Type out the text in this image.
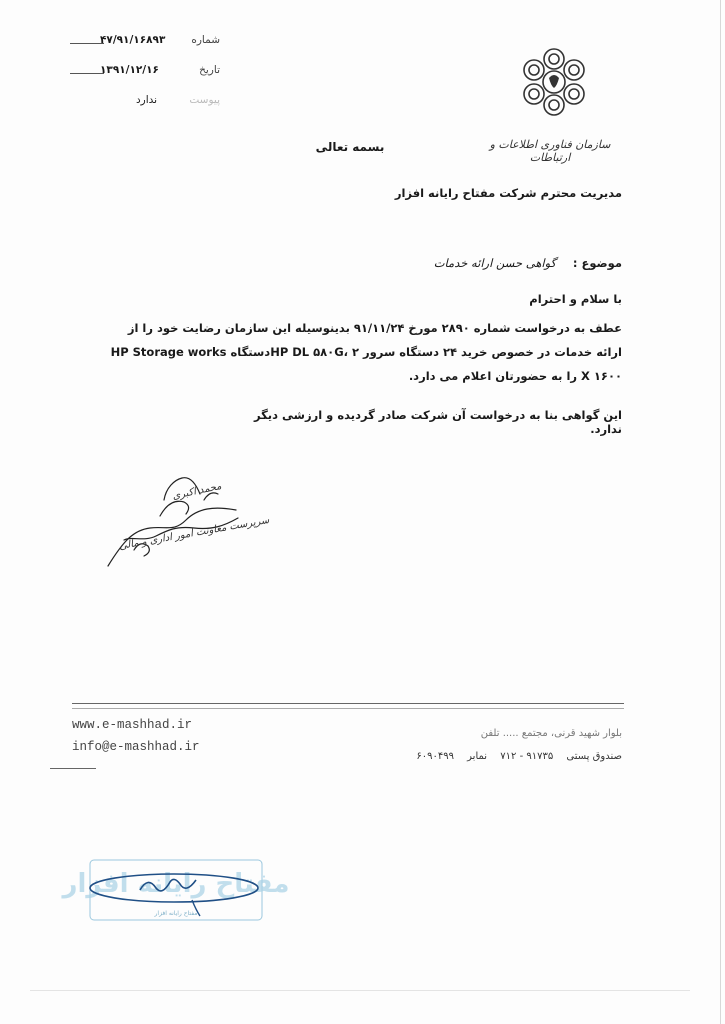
۴۷/۹۱/۱۶۸۹۳ شماره
۱۳۹۱/۱۲/۱۶	تاریخ
ندارد	پیوست
سازمان فناوری اطلاعات و ارتباطات
بسمه تعالی
مدیریت محترم شرکت مفتاح رایانه افزار
موضوع :
گواهی حسن ارائه خدمات
با سلام و احترام
عطف به درخواست شماره ۲۸۹۰ مورخ ۹۱/۱۱/۲۴ بدینوسیله این سازمان رضایت خود را از ارائه خدمات در خصوص خرید ۲۴ دستگاه سرور HP DL ۵۸۰G، ۲دستگاه HP Storage works X ۱۶۰۰ را به حضورتان اعلام می دارد.
این گواهی بنا به درخواست آن شرکت صادر گردیده و ارزشی دیگر ندارد.
محمد اکبری
سرپرست معاونت امور اداری و مالی
www.e-mashhad.ir
info@e-mashhad.ir
بلوار شهید قرنی، مجتمع ..... تلفن
صندوق پستی ۹۱۷۳۵ - ۷۱۲ نمابر ۶۰۹۰۴۹۹
مفتاح رایانه افزار
مفتاح رایانه افزار
